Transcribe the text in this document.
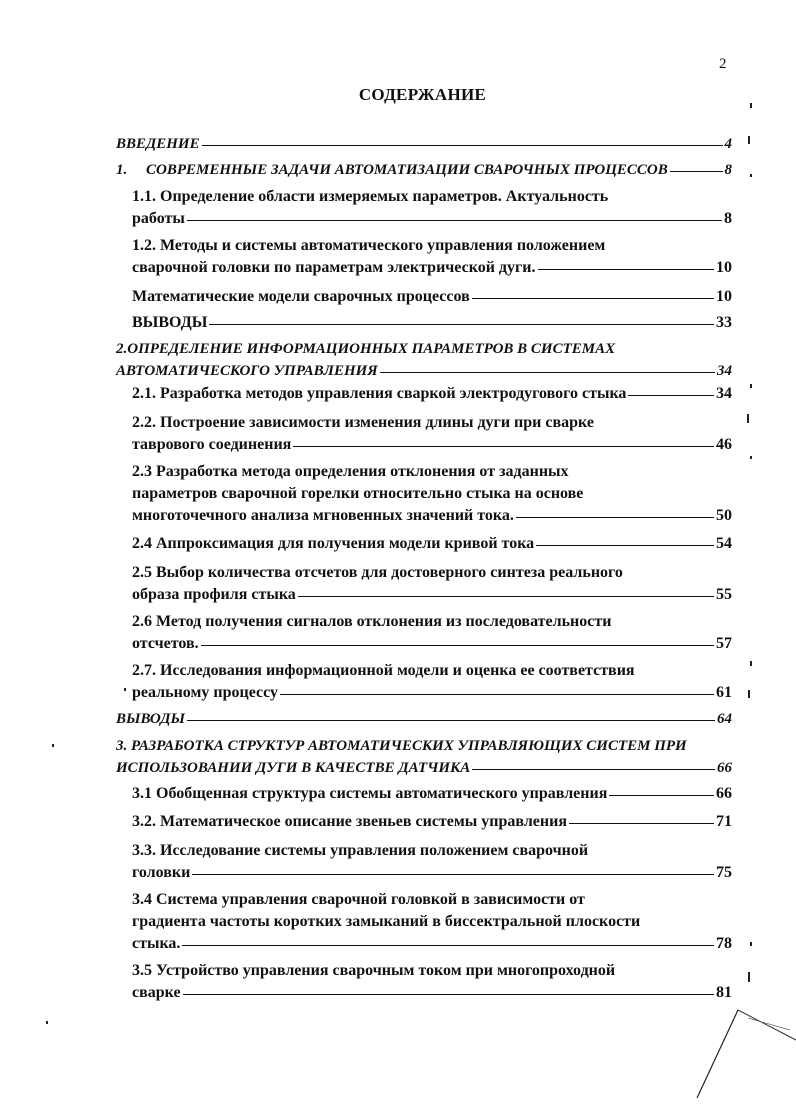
2
СОДЕРЖАНИЕ
ВВЕДЕНИЕ	4
1.     СОВРЕМЕННЫЕ ЗАДАЧИ АВТОМАТИЗАЦИИ СВАРОЧНЫХ ПРОЦЕССОВ	8
1.1. Определение области измеряемых параметров. Актуальность
работы	8
1.2. Методы и системы автоматического управления положением
сварочной головки по параметрам электрической дуги.	10
Математические модели сварочных процессов	10
ВЫВОДЫ	33
2.ОПРЕДЕЛЕНИЕ ИНФОРМАЦИОННЫХ ПАРАМЕТРОВ В СИСТЕМАХ
АВТОМАТИЧЕСКОГО УПРАВЛЕНИЯ	34
2.1. Разработка методов управления сваркой электродугового стыка	34
2.2. Построение зависимости изменения длины дуги при сварке
таврового соединения	46
2.3 Разработка метода определения отклонения от заданных
параметров сварочной горелки относительно стыка на основе
многоточечного анализа мгновенных значений тока.	50
2.4 Аппроксимация для получения модели кривой тока	54
2.5 Выбор количества отсчетов для достоверного синтеза реального
образа профиля стыка	55
2.6 Метод получения сигналов отклонения из последовательности
отсчетов.	57
2.7. Исследования информационной модели и оценка ее соответствия
реальному процессу	61
ВЫВОДЫ	64
3. РАЗРАБОТКА СТРУКТУР АВТОМАТИЧЕСКИХ УПРАВЛЯЮЩИХ СИСТЕМ ПРИ
ИСПОЛЬЗОВАНИИ ДУГИ В КАЧЕСТВЕ ДАТЧИКА	66
3.1 Обобщенная структура системы автоматического управления	66
3.2. Математическое описание звеньев системы управления	71
3.3. Исследование системы управления положением сварочной
головки	75
3.4 Система управления сварочной головкой в зависимости от
градиента частоты коротких замыканий в биссектральной плоскости
стыка.	78
3.5 Устройство управления сварочным током при многопроходной
сварке	81
